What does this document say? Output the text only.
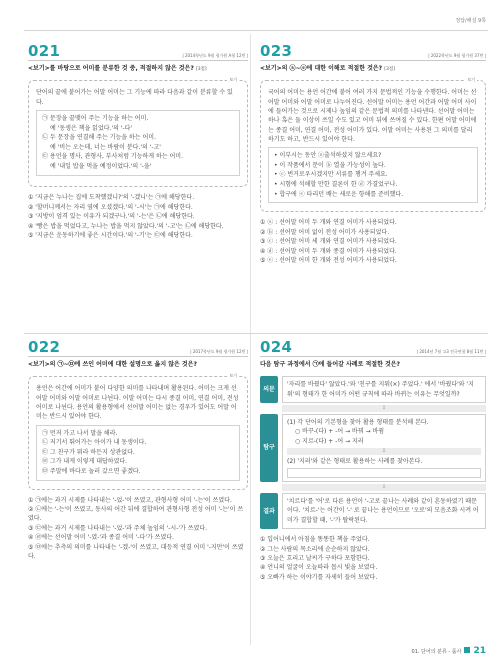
정답/해설 9쪽
021	| 2014학년도 9월 평가원 A형 12번 |
<보기>를 바탕으로 어미를 분류한 것 중, 적절하지 않은 것은? [3점]
보기

단어의 끝에 붙어가는 어말 어미는 그 기능에 따라 다음과 같이 분류할 수 있다.

㉠ 문장을 끝맺어 주는 기능을 하는 어미.
예 '동생은 책을 읽었다.'의 '-다'
㉡ 두 문장을 연결해 주는 기능을 하는 어미.
예 '비는 오는데, 너는 바람이 분다.'의 '-고'
㉢ 용언을 명사, 관형사, 부사처럼 기능하게 하는 어미.
예 '내일 밥을 먹을 예정이었다.'의 '-을'
① '지금은 누나는 집에 도착했겠니?'의 '-겠니'는 ㉠에 해당한다.
② '할머니께서는 자리 옆에 오셨겠다.'의 '-시'는 ㉠에 해당한다.
③ '지방이 엄격 있는 이유가 되겠구나.'의 '-는'은 ㉡에 해당한다.
④ '빵은 밥을 먹었다고, 누나는 밥을 먹지 않았다.'의 '-고'는 ㉡에 해당한다.
⑤ '지금은 운동하기에 좋은 시간이다.'의 '-기'는 ㉢에 해당한다.
023	| 2022학년도 9월 평가원 37번 |
<보기>의 ⓐ~ⓔ에 대한 이해로 적절한 것은? [3점]
보기

국어의 어미는 용언 어간에 붙어 여러 가지 문법적인 기능을 수행한다. 어미는 선어말 어미와 어말 어미로 나누어진다. 선어말 어미는 용언 어간과 어말 어미 사이에 들어가는 것으로 시제나 높임의 같은 문법적 의미를 나타낸다. 선어말 어미는 하나 혹은 둘 이상이 쓰일 수도 있고 어미 뒤에 쓰여질 수 있다. 한편 어말 어미에는 종결 어미, 연결 어미, 전성 어미가 있다. 어말 어미는 사용된 그 의미를 달리 하기도 하고, 반드시 있어야 한다.

• 이부시는 동안 ⓐ출석하셨지 않으세요?
• 이 작품에서 문이 ⓑ 열을 가능성이 높다.
• ⓒ 번거로우시겠지만 서류를 챙겨 주세요.
• 시험에 석해할 만한 결론이 한 ⓓ 가결었구나.
• 합구에 ⓔ 타리던 배는 새로운 항해를 준비했다.
① ⓐ : 선어말 어미 두 개와 연결 어미가 사용되었다.
② ⓑ : 선어말 어미 없이 전성 어미가 사용되었다.
③ ⓒ : 선어말 어미 세 개와 연결 어미가 사용되었다.
④ ⓓ : 선어말 어미 두 개와 종결 어미가 사용되었다.
⑤ ⓔ : 선어말 어미 한 개와 전성 어미가 사용되었다.
022	| 2017학년도 9월 평가원 12번 |
<보기>의 ㉠~㉤에 쓰인 어미에 대한 설명으로 옳지 않은 것은?
보기

용언은 어간에 어미가 붙어 다양한 의미를 나타내며 활용된다. 어미는 크게 선어말 어미와 어말 어미로 나뉜다. 어말 어미는 다시 종결 어미, 연결 어미, 전성 어미로 나뉜다. 용언의 활용형에서 선어말 어미는 없는 경우가 있어도 어말 어미는 반드시 있어야 한다.

㉠ 먼저 가고 나서 말을 해라.
㉡ 저기서 뛰어가는 아이가 내 동생이다.
㉢ 그 친구가 뭐라 하든지 상관없다.
㉣ 그가 내게 이렇게 대답하였다.
㉤ 주말에 바다로 놀러 갔으면 좋겠다.
① ㉠에는 과거 시제를 나타내는 '-었-'이 쓰였고, 관형사형 어미 '-는'이 쓰였다.
② ㉡에는 '-는'이 쓰였고, 동사의 어간 뒤에 결합하여 관형사형 전성 어미 '-는'이 쓰였다.
③ ㉢에는 과거 시제를 나타내는 '-었-'과 주체 높임의 '-시-'가 쓰였다.
④ ㉣에는 선어말 어미 '-였-'과 종결 어미 '-다'가 쓰였다.
⑤ ㉤에는 추측의 의미를 나타내는 '-겠-'이 쓰였고, 대등적 연결 어미 '-지만'이 쓰였다.
024	| 2014년 7월 고3 전국연합 8월 11번 |
다음 탐구 과정에서 ㉠에 들어갈 사례로 적절한 것은?
의문
'자리를 바꿨다' 않았다.'와 '친구를 지워(×) 주었다.' 에서 '바꿨다'와 '지워'의 형태가 한 어미가 어떤 규칙에 따라 바뀌는 이유는 무엇일까?
⇩
탐구
(1) 각 단어의 기본형을 찾아 활용 형태를 분석해 본다.
○ 바꾸-(다) + -어 → 바꿔 → 바뀜
○ 지르-(다) + -어 → 지러
⇩
(2) '지러'와 같은 형태로 활용하는 사례를 찾아본다.
⇩
결과
'치르다'를 '어'로 다른 용언이 '-고로 끝나는 사례와 같이 흔동하였기 때문이다. '치르-'는 어간이 '-' 로 끝나는 용언이므로 '오로'의 모음조화 시켜 어미가 결합할 때, '-'가 탈락된다.
① 입어니에서 아침을 똥똥한 책을 주었다.
② 그는 사람의 목소리에 순순하지 않았다.
③ 오늘은 흐리고 날씨가 구하다 포함한다.
④ 언니의 얼굴이 오늘따라 몹시 빛을 보였다.
⑤ 오빠가 하는 이야기를 자세히 들어 보았다.
01. 단어의 분류 - 품사 21
